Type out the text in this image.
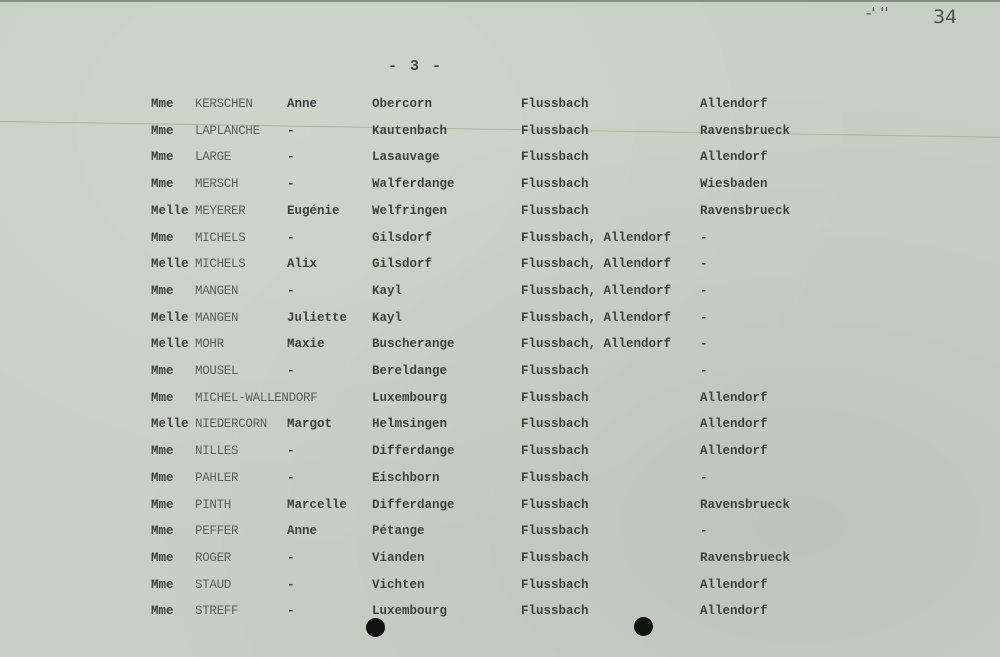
-' '' 34
- 3 -
Mme KERSCHEN	Anne	Obercorn	Flussbach	Allendorf
Mme LAPLANCHE -	Kautenbach	Flussbach	Ravensbrueck
Mme LARGE	-	Lasauvage	Flussbach	Allendorf
Mme MERSCH	-	Walferdange	Flussbach	Wiesbaden
Melle MEYERER	Eugénie	Welfringen	Flussbach	Ravensbrueck
Mme MICHELS	-	Gilsdorf	Flussbach, Allendorf -
Melle MICHELS	Alix	Gilsdorf	Flussbach, Allendorf -
Mme MANGEN	-	Kayl	Flussbach, Allendorf -
Melle MANGEN	Juliette Kayl	Flussbach, Allendorf -
Melle MOHR	Maxie	Buscherange	Flussbach, Allendorf -
Mme MOUSEL	-	Bereldange	Flussbach	-
Mme MICHEL-WALLENDORF	Luxembourg	Flussbach	Allendorf
Melle NIEDERCORN Margot	Helmsingen	Flussbach	Allendorf
Mme NILLES	-	Differdange	Flussbach	Allendorf
Mme PAHLER	-	Eischborn	Flussbach	-
Mme PINTH	Marcelle Differdange	Flussbach	Ravensbrueck
Mme PEFFER	Anne	Pétange	Flussbach	-
Mme ROGER	-	Vianden	Flussbach	Ravensbrueck
Mme STAUD	-	Vichten	Flussbach	Allendorf
Mme STREFF	-	Luxembourg	Flussbach	Allendorf
